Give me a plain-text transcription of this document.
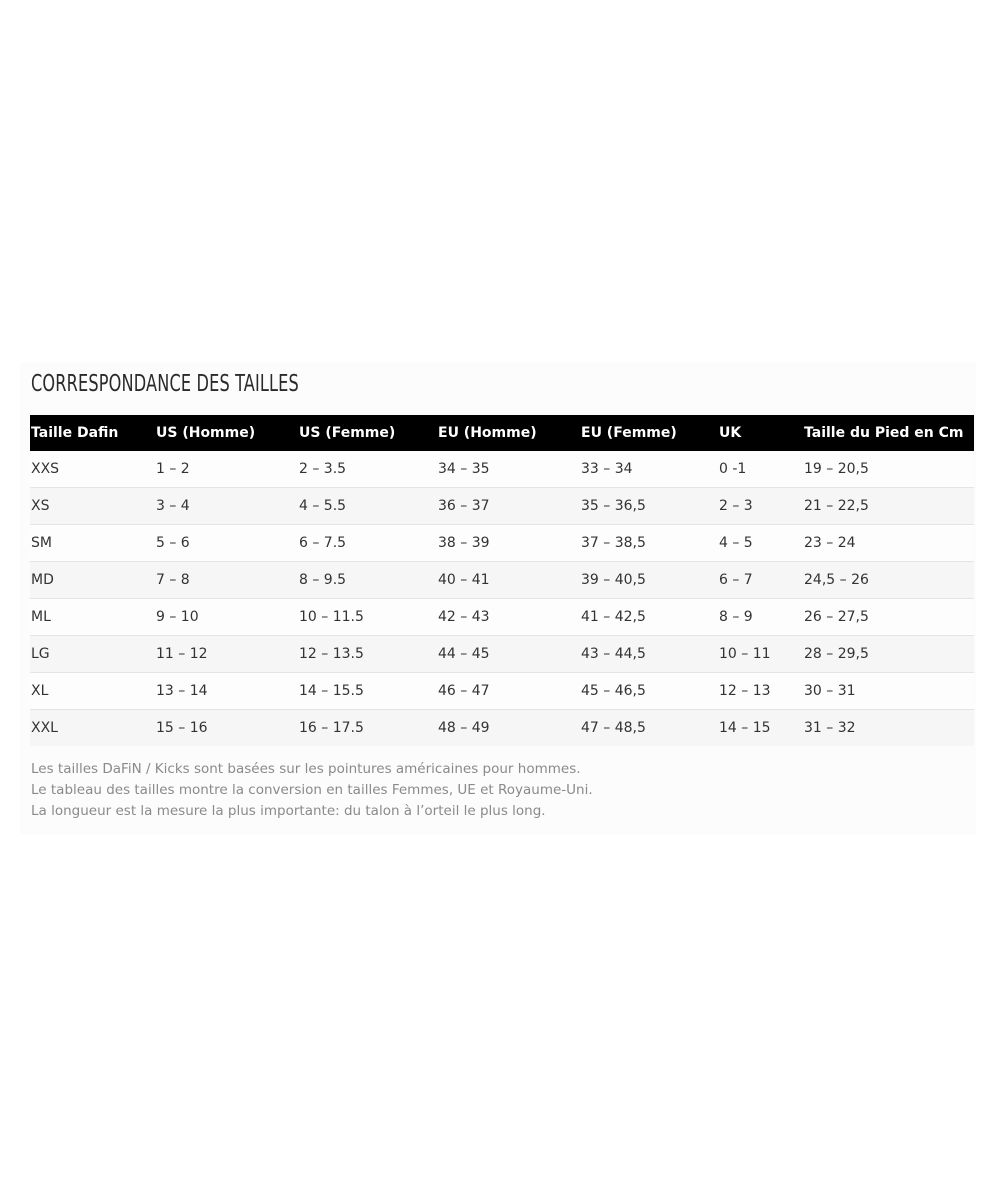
CORRESPONDANCE DES TAILLES
Taille Dafin	US (Homme)	US (Femme)	EU (Homme)	EU (Femme)	UK	Taille du Pied en Cm
XXS	1 – 2	2 – 3.5	34 – 35	33 – 34	0 -1	19 – 20,5
XS	3 – 4	4 – 5.5	36 – 37	35 – 36,5	2 – 3	21 – 22,5
SM	5 – 6	6 – 7.5	38 – 39	37 – 38,5	4 – 5	23 – 24
MD	7 – 8	8 – 9.5	40 – 41	39 – 40,5	6 – 7	24,5 – 26
ML	9 – 10	10 – 11.5	42 – 43	41 – 42,5	8 – 9	26 – 27,5
LG	11 – 12	12 – 13.5	44 – 45	43 – 44,5	10 – 11	28 – 29,5
XL	13 – 14	14 – 15.5	46 – 47	45 – 46,5	12 – 13	30 – 31
XXL	15 – 16	16 – 17.5	48 – 49	47 – 48,5	14 – 15	31 – 32

Les tailles DaFiN / Kicks sont basées sur les pointures américaines pour hommes.

Le tableau des tailles montre la conversion en tailles Femmes, UE et Royaume-Uni.

La longueur est la mesure la plus importante: du talon à l’orteil le plus long.
